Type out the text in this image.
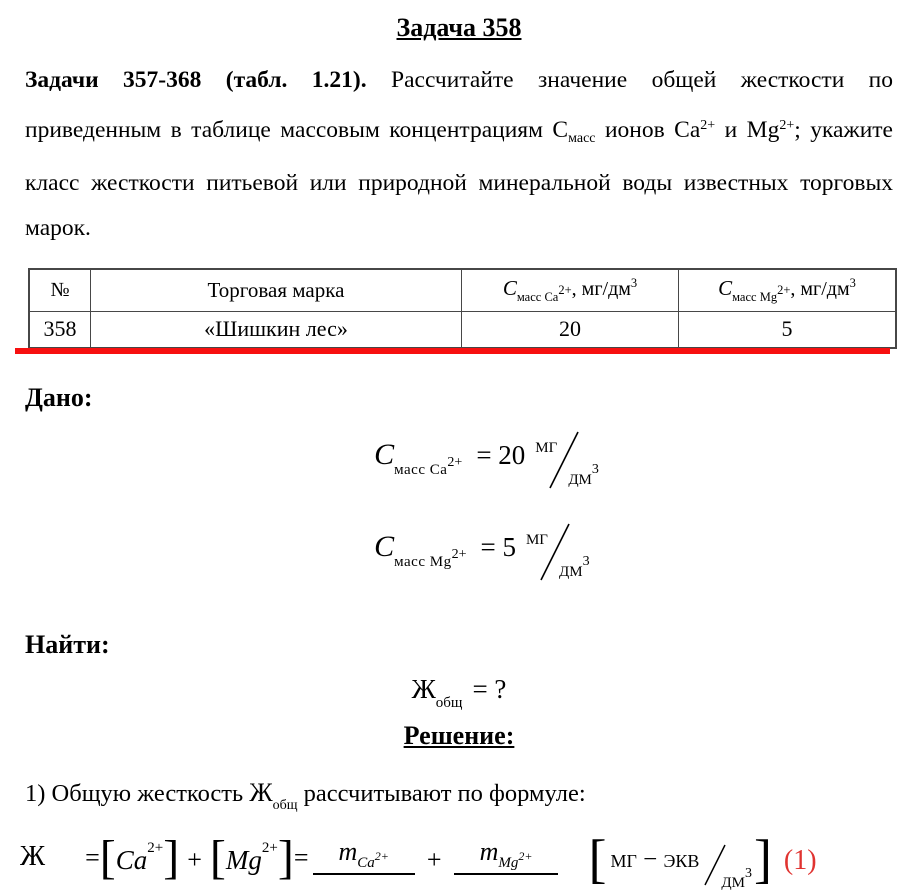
Задача 358

Задачи 357-368 (табл. 1.21). Рассчитайте значение общей жесткости по приведенным в таблице массовым концентрациям $С_{масс}$ ионов $Ca^{2+}$ и $Mg^{2+}$; укажите класс жесткости питьевой или природной минеральной воды известных торговых марок.

№	Торговая марка	$C_{масс Ca}^{2+}$, $мг/дм^3$	$C_{масс Mg}^{2+}$, $мг/дм^3$
358	«Шишкин лес»	20	5
Дано:
Cмасс Ca2+ = 20 мгдм$^3$
Cмасс Mg2+ = 5 мгдм$^3$
Найти:
$Ж_{общ}$ = ?
Решение:

1) Общую жесткость $Ж_{общ}$ рассчитывают по формуле:

Ж = [ Ca 2+ ] + [ Mg 2+ ] =	$m_{Ca^{2+}}$	+	$m_{Mg^{2+}}$	[ мг − экв
$дм^3$ ] (1)
